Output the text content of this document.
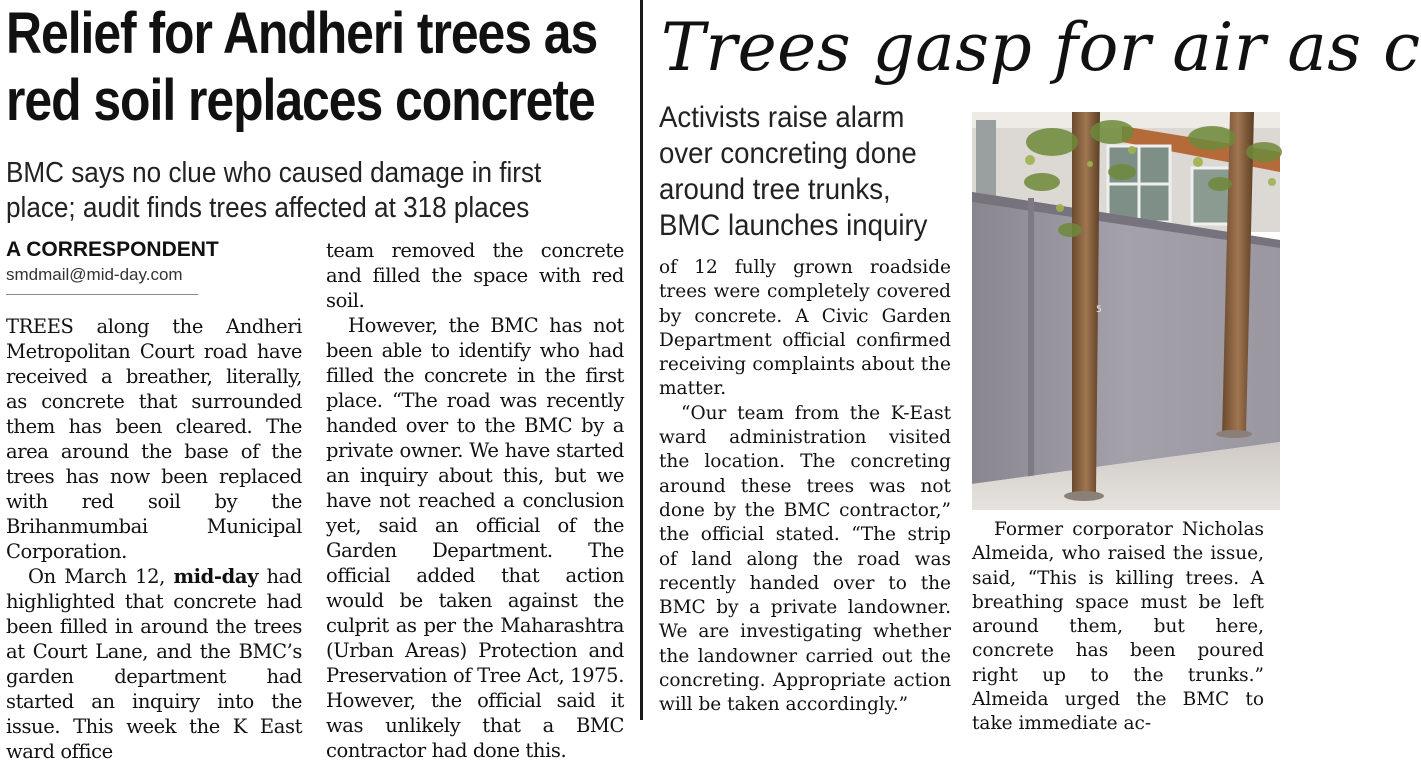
Relief for Andheri trees as
red soil replaces concrete
BMC says no clue who caused damage in first
place; audit finds trees affected at 318 places
A CORRESPONDENT
smdmail@mid-day.com

TREES along the Andheri Metropolitan Court road have received a breather, literally, as concrete that surrounded them has been cleared. The area around the base of the trees has now been replaced with red soil by the Brihanmumbai Municipal Corporation.

On March 12, mid-day had highlighted that concrete had been filled in around the trees at Court Lane, and the BMC’s garden department had started an inquiry into the issue. This week the K East ward office

team removed the concrete and filled the space with red soil.

However, the BMC has not been able to identify who had filled the concrete in the first place. “The road was recently handed over to the BMC by a private owner. We have started an inquiry about this, but we have not reached a conclusion yet, said an official of the Garden Department. The official added that action would be taken against the culprit as per the Maharashtra (Urban Areas) Protection and Preservation of Tree Act, 1975. However, the official said it was unlikely that a BMC contractor had done this.

Trees gasp for air as c
Activists raise alarm
over concreting done
around tree trunks,
BMC launches inquiry

of 12 fully grown roadside trees were completely covered by concrete. A Civic Garden Department official confirmed receiving complaints about the matter.

“Our team from the K-East ward administration visited the location. The concreting around these trees was not done by the BMC contractor,” the official stated. “The strip of land along the road was recently handed over to the BMC by a private landowner. We are investigating whether the landowner carried out the concreting. Appropriate action will be taken accordingly.”

5

Former corporator Nicholas Almeida, who raised the issue, said, “This is killing trees. A breathing space must be left around them, but here, concrete has been poured right up to the trunks.” Almeida urged the BMC to take immediate ac-
